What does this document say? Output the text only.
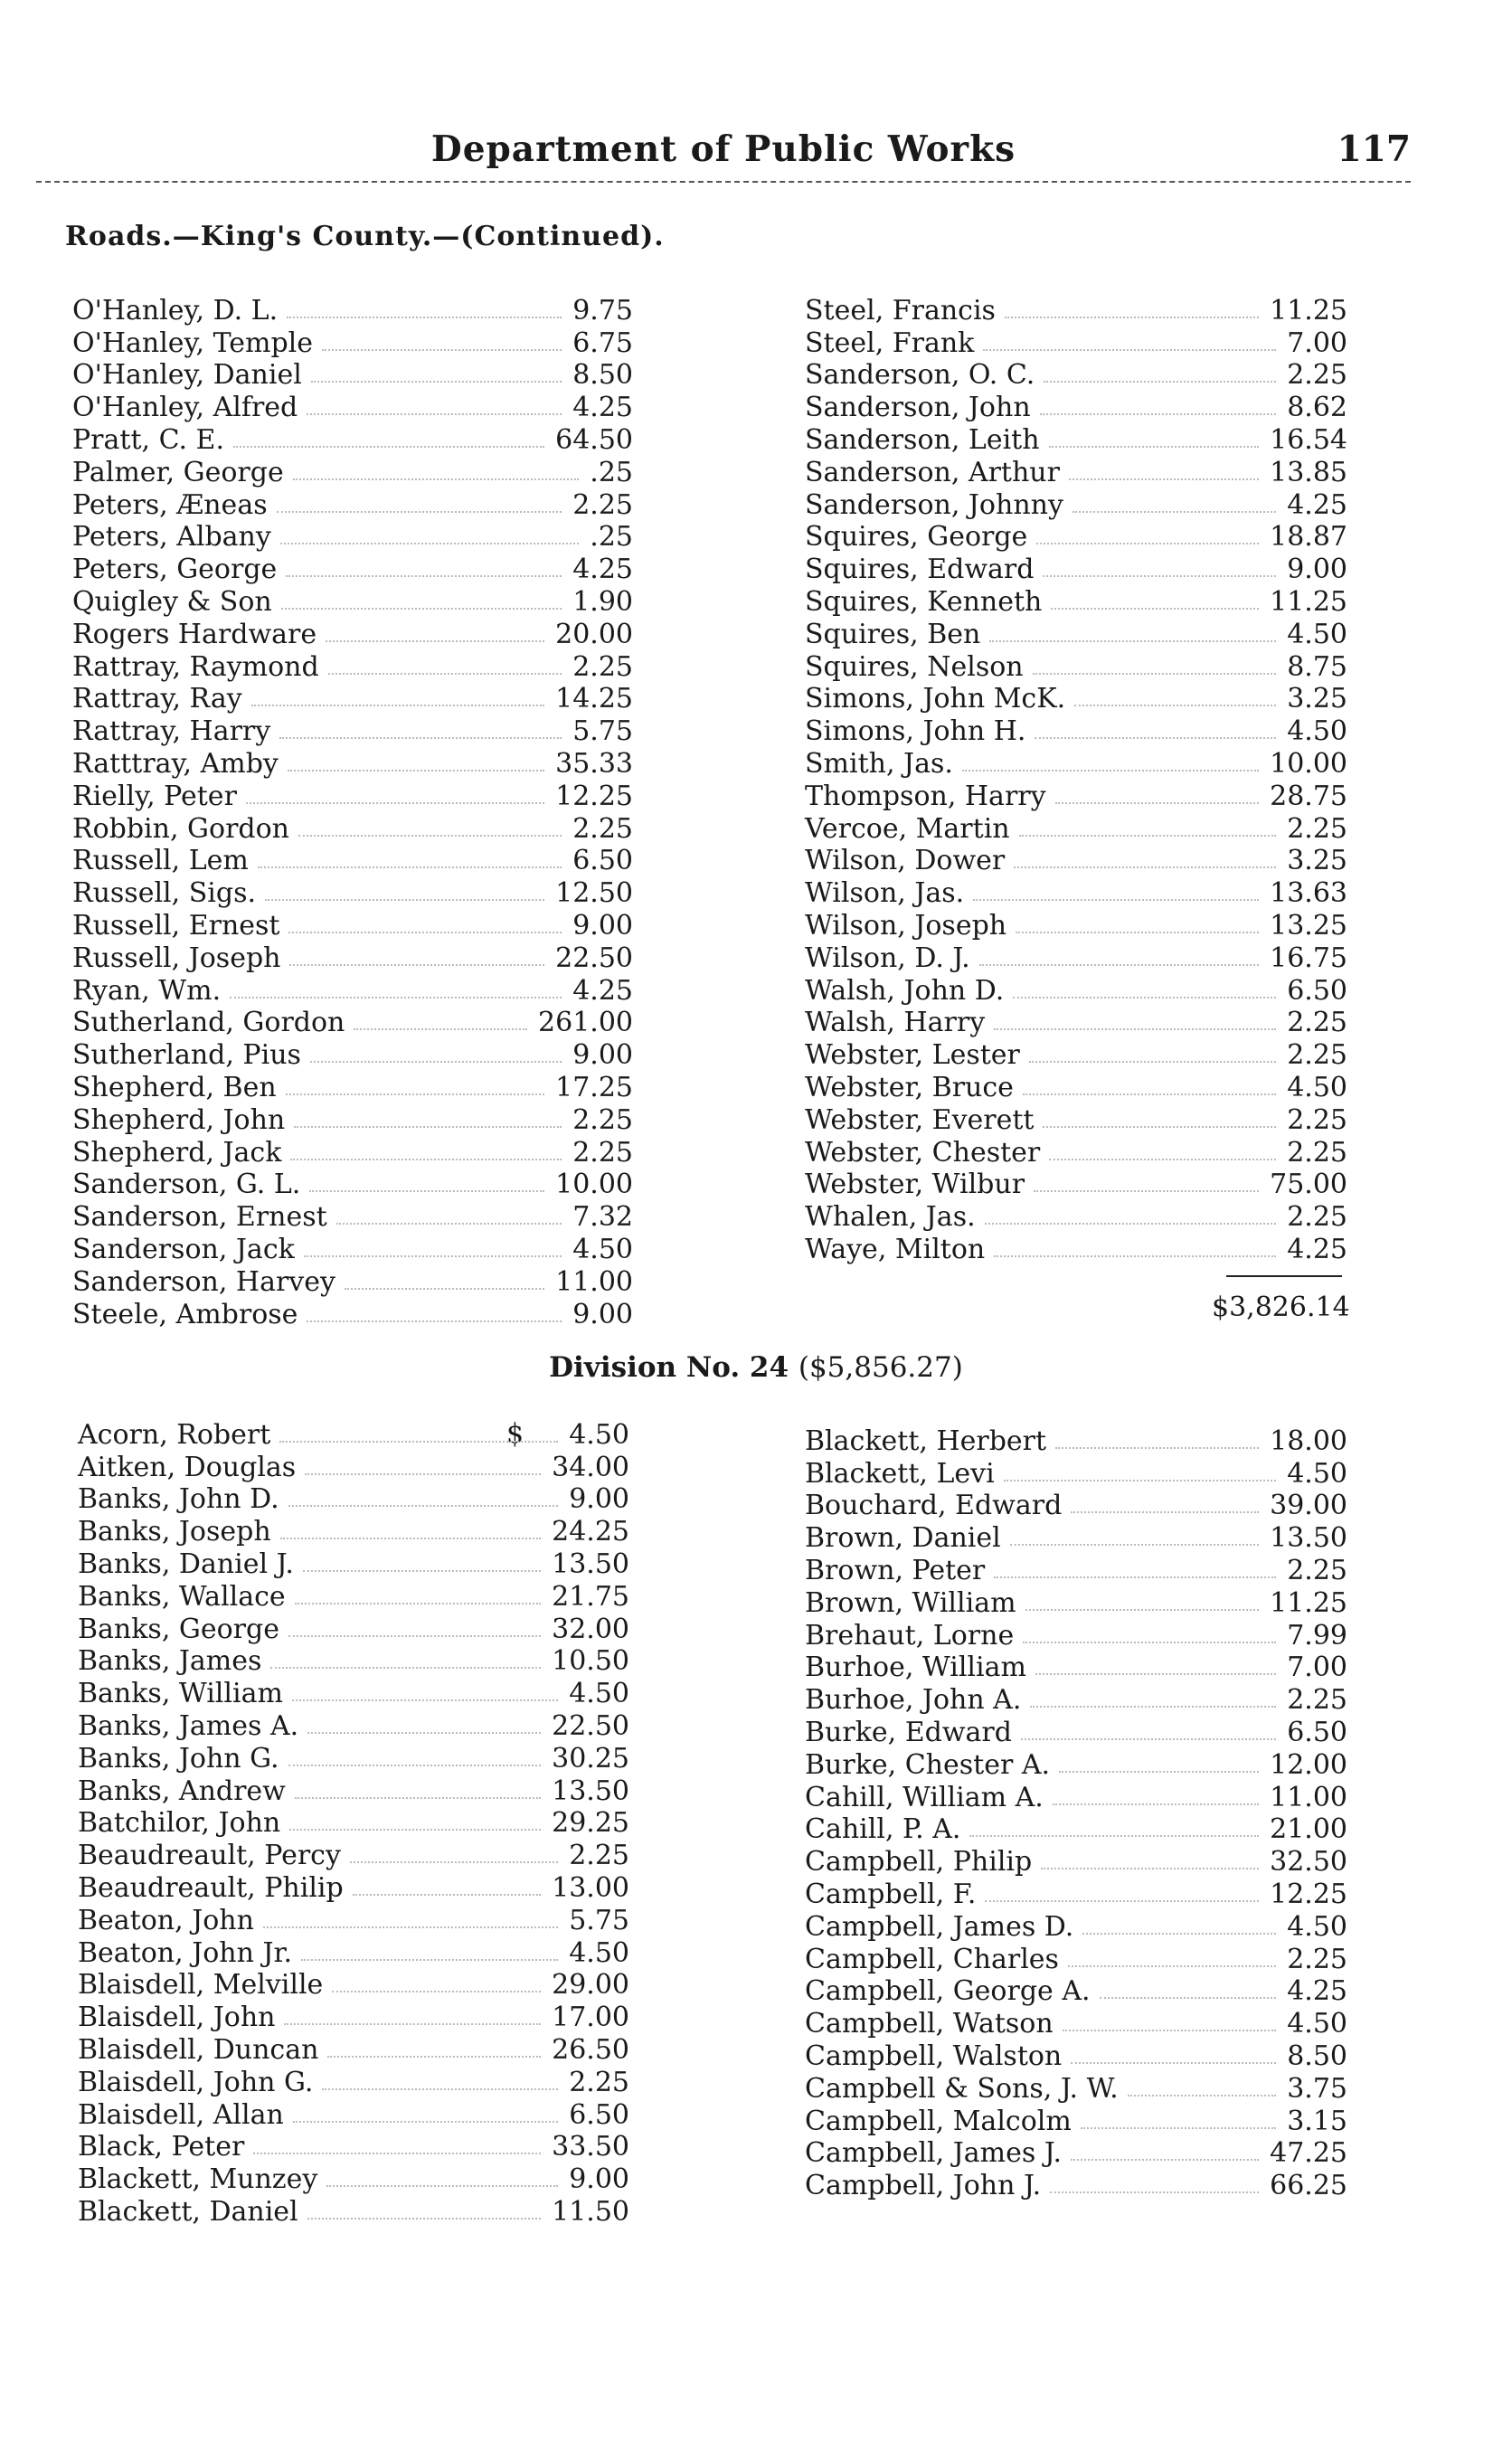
Department of Public Works	117
Roads.—King's County.—(Continued).
O'Hanley, D. L.	9.75
O'Hanley, Temple	6.75
O'Hanley, Daniel	8.50
O'Hanley, Alfred	4.25
Pratt, C. E.	64.50
Palmer, George	.25
Peters, Æneas	2.25
Peters, Albany	.25
Peters, George	4.25
Quigley & Son	1.90
Rogers Hardware	20.00
Rattray, Raymond	2.25
Rattray, Ray	14.25
Rattray, Harry	5.75
Ratttray, Amby	35.33
Rielly, Peter	12.25
Robbin, Gordon	2.25
Russell, Lem	6.50
Russell, Sigs.	12.50
Russell, Ernest	9.00
Russell, Joseph	22.50
Ryan, Wm.	4.25
Sutherland, Gordon	261.00
Sutherland, Pius	9.00
Shepherd, Ben	17.25
Shepherd, John	2.25
Shepherd, Jack	2.25
Sanderson, G. L.	10.00
Sanderson, Ernest	7.32
Sanderson, Jack	4.50
Sanderson, Harvey	11.00
Steele, Ambrose	9.00
Steel, Francis	11.25
Steel, Frank	7.00
Sanderson, O. C.	2.25
Sanderson, John	8.62
Sanderson, Leith	16.54
Sanderson, Arthur	13.85
Sanderson, Johnny	4.25
Squires, George	18.87
Squires, Edward	9.00
Squires, Kenneth	11.25
Squires, Ben	4.50
Squires, Nelson	8.75
Simons, John McK.	3.25
Simons, John H.	4.50
Smith, Jas.	10.00
Thompson, Harry	28.75
Vercoe, Martin	2.25
Wilson, Dower	3.25
Wilson, Jas.	13.63
Wilson, Joseph	13.25
Wilson, D. J.	16.75
Walsh, John D.	6.50
Walsh, Harry	2.25
Webster, Lester	2.25
Webster, Bruce	4.50
Webster, Everett	2.25
Webster, Chester	2.25
Webster, Wilbur	75.00
Whalen, Jas.	2.25
Waye, Milton	4.25
$3,826.14
Division No. 24 ($5,856.27)
$
Acorn, Robert	4.50
Aitken, Douglas	34.00
Banks, John D.	9.00
Banks, Joseph	24.25
Banks, Daniel J.	13.50
Banks, Wallace	21.75
Banks, George	32.00
Banks, James	10.50
Banks, William	4.50
Banks, James A.	22.50
Banks, John G.	30.25
Banks, Andrew	13.50
Batchilor, John	29.25
Beaudreault, Percy	2.25
Beaudreault, Philip	13.00
Beaton, John	5.75
Beaton, John Jr.	4.50
Blaisdell, Melville	29.00
Blaisdell, John	17.00
Blaisdell, Duncan	26.50
Blaisdell, John G.	2.25
Blaisdell, Allan	6.50
Black, Peter	33.50
Blackett, Munzey	9.00
Blackett, Daniel	11.50
Blackett, Herbert	18.00
Blackett, Levi	4.50
Bouchard, Edward	39.00
Brown, Daniel	13.50
Brown, Peter	2.25
Brown, William	11.25
Brehaut, Lorne	7.99
Burhoe, William	7.00
Burhoe, John A.	2.25
Burke, Edward	6.50
Burke, Chester A.	12.00
Cahill, William A.	11.00
Cahill, P. A.	21.00
Campbell, Philip	32.50
Campbell, F.	12.25
Campbell, James D.	4.50
Campbell, Charles	2.25
Campbell, George A.	4.25
Campbell, Watson	4.50
Campbell, Walston	8.50
Campbell & Sons, J. W.	3.75
Campbell, Malcolm	3.15
Campbell, James J.	47.25
Campbell, John J.	66.25
